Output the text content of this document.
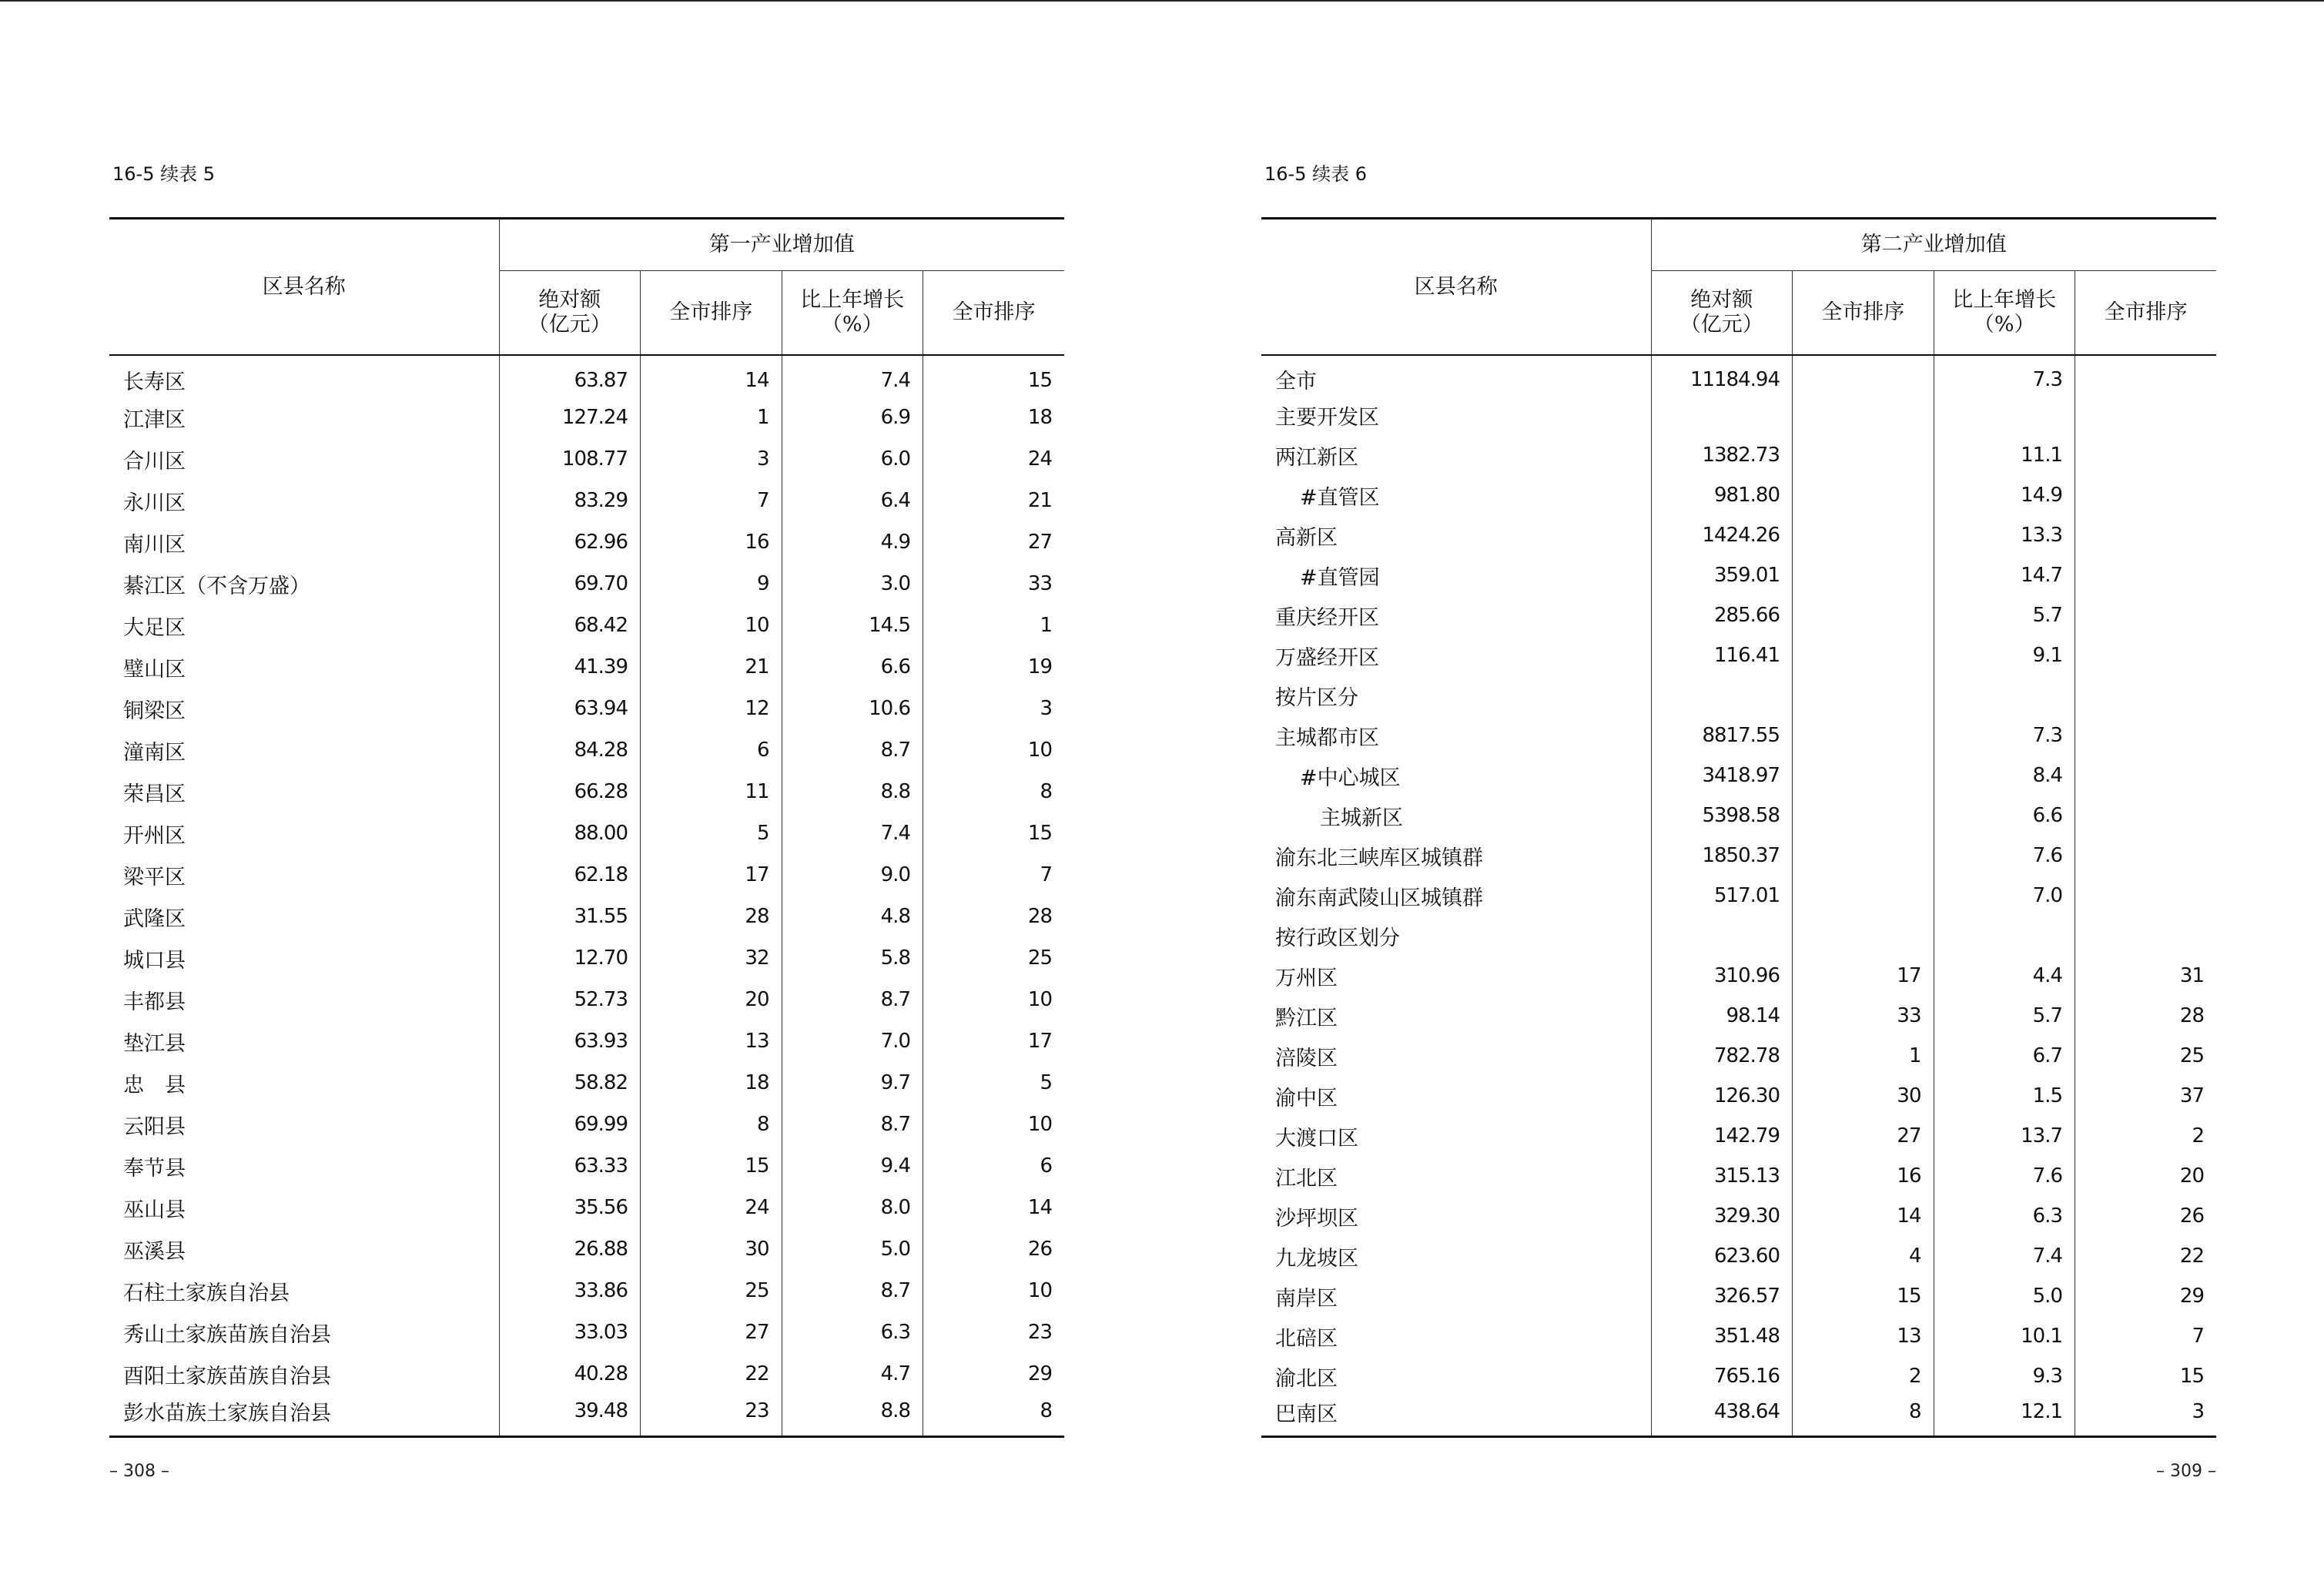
16-5 续表 5
区县名称	第一产业增加值			
	绝对额
（亿元）	全市排序	比上年增长
（%）	全市排序
长寿区	63.87	14	7.4	15
江津区	127.24	1	6.9	18
合川区	108.77	3	6.0	24
永川区	83.29	7	6.4	21
南川区	62.96	16	4.9	27
綦江区（不含万盛）	69.70	9	3.0	33
大足区	68.42	10	14.5	1
璧山区	41.39	21	6.6	19
铜梁区	63.94	12	10.6	3
潼南区	84.28	6	8.7	10
荣昌区	66.28	11	8.8	8
开州区	88.00	5	7.4	15
梁平区	62.18	17	9.0	7
武隆区	31.55	28	4.8	28
城口县	12.70	32	5.8	25
丰都县	52.73	20	8.7	10
垫江县	63.93	13	7.0	17
忠　县	58.82	18	9.7	5
云阳县	69.99	8	8.7	10
奉节县	63.33	15	9.4	6
巫山县	35.56	24	8.0	14
巫溪县	26.88	30	5.0	26
石柱土家族自治县	33.86	25	8.7	10
秀山土家族苗族自治县	33.03	27	6.3	23
酉阳土家族苗族自治县	40.28	22	4.7	29
彭水苗族土家族自治县	39.48	23	8.8	8
– 308 –
16-5 续表 6
区县名称	第二产业增加值			
	绝对额
（亿元）	全市排序	比上年增长
（%）	全市排序
全市	11184.94		7.3	
主要开发区				
两江新区	1382.73		11.1	
#直管区	981.80		14.9	
高新区	1424.26		13.3	
#直管园	359.01		14.7	
重庆经开区	285.66		5.7	
万盛经开区	116.41		9.1	
按片区分				
主城都市区	8817.55		7.3	
#中心城区	3418.97		8.4	
主城新区	5398.58		6.6	
渝东北三峡库区城镇群	1850.37		7.6	
渝东南武陵山区城镇群	517.01		7.0	
按行政区划分				
万州区	310.96	17	4.4	31
黔江区	98.14	33	5.7	28
涪陵区	782.78	1	6.7	25
渝中区	126.30	30	1.5	37
大渡口区	142.79	27	13.7	2
江北区	315.13	16	7.6	20
沙坪坝区	329.30	14	6.3	26
九龙坡区	623.60	4	7.4	22
南岸区	326.57	15	5.0	29
北碚区	351.48	13	10.1	7
渝北区	765.16	2	9.3	15
巴南区	438.64	8	12.1	3
– 309 –
